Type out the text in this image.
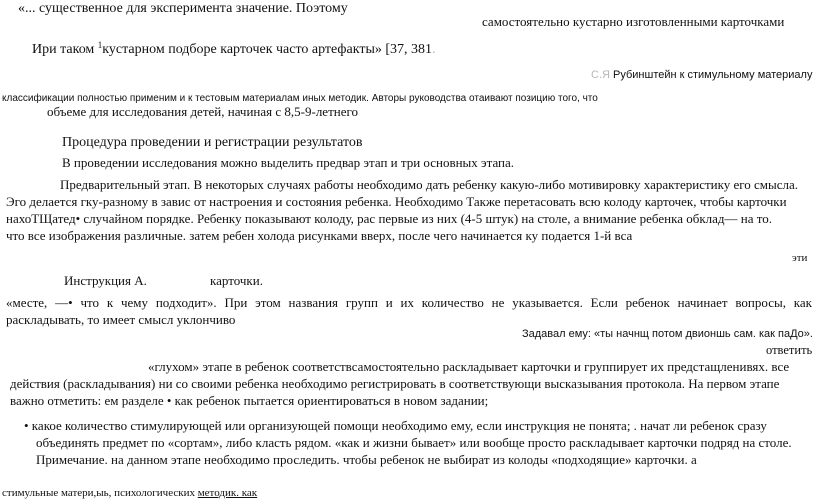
«... существенное для эксперимента значение. Поэтому
самостоятельно кустарно изготовленными карточками
Ири таком $^1$кустарном подборе карточек часто артефакты» [37, 381.
С.Я Рубинштейн к стимульному материалу
классификации полностью применим и к тестовым материалам иных методик. Авторы руководства отаивают позицию того, что
объеме для исследования детей, начиная с 8,5-9-летнего
Процедура проведении и регистрации результатов
В проведении исследования можно выделить предвар этап и три основных этапа.
Предварительный этап. В некоторых случаях работы необходимо дать ребенку какую-либо мотивировку характеристику его смысла.
Эго делается гку-разному в завис от настроения и состояния ребенка. Необходимо Также перетасовать всю колоду карточек, чтобы карточки
нахоТЩатед• случайном порядке. Ребенку показывают колоду, рас первые из них (4-5 штук) на столе, а внимание ребенка обклад— на то.
что все изображения различные. затем ребен холода рисунками вверх, после чего начинается ку подается 1-й вса
эти
Инструкция А.	карточки.
«месте, —• что к чему подходит». При этом названия групп и их количество не указывается. Если ребенок начинает вопросы, как
раскладывать, то имеет смысл уклончиво
Задавал ему: «ты начнщ потом двионшь сам. как паДо».
ответить
«глухом» этапе в ребенок соответствсамостоятельно раскладывает карточки и группирует их предстащленивях. все
действия (раскладывания) ни со своими ребенка необходимо регистрировать в соответствующи высказывания протокола. На первом этапе
важно отметить: ем разделе • как ребенок пытается ориентироваться в новом задании;
• какое количество стимулирующей или организующей помощи необходимо ему, если инструкция не понята; . начат ли ребенок сразу
объединять предмет по «сортам», либо класть рядом. «как и жизни бывает» или вообще просто раскладывает карточки подряд на столе.
Примечание. на данном этапе необходимо проследить. чтобы ребенок не выбират из колоды «подходящие» карточки. а
стимульные матери,ыь, психологических методик. как
